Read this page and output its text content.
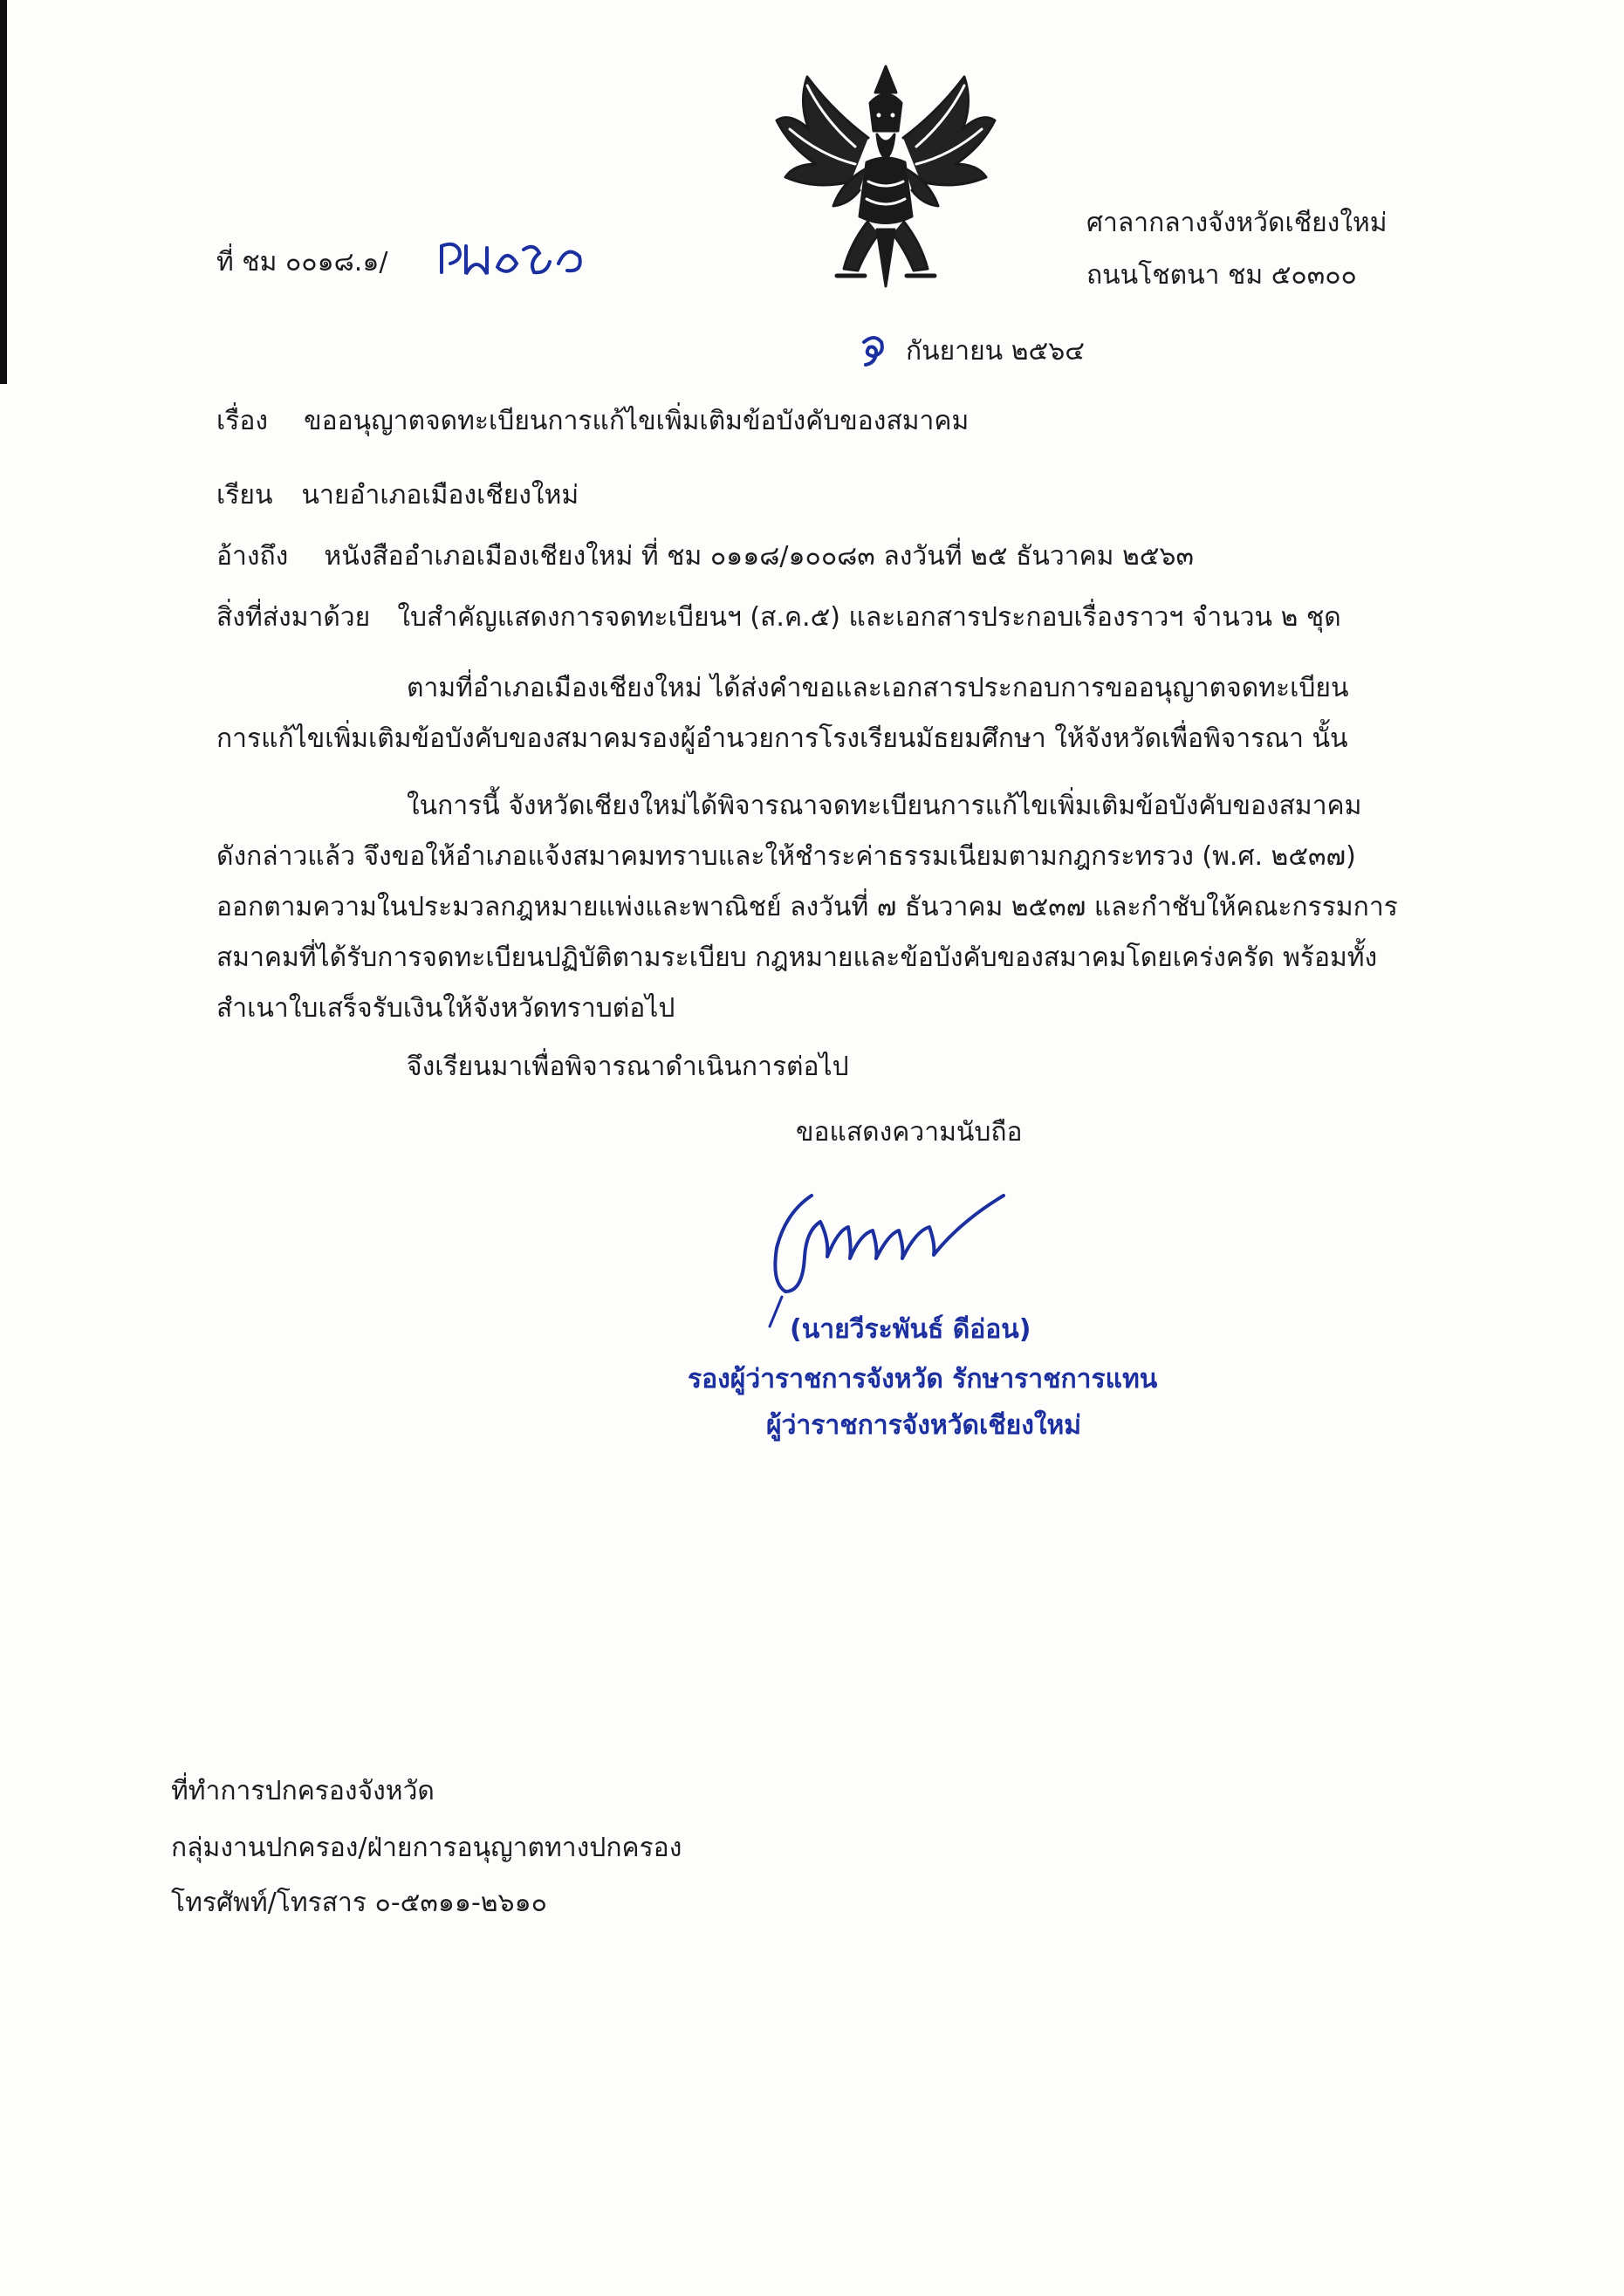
ที่ ชม ๐๐๑๘.๑/
ศาลากลางจังหวัดเชียงใหม่
ถนนโชตนา ชม ๕๐๓๐๐
กันยายน ๒๕๖๔
เรื่อง ขออนุญาตจดทะเบียนการแก้ไขเพิ่มเติมข้อบังคับของสมาคม
เรียน นายอำเภอเมืองเชียงใหม่
อ้างถึง หนังสืออำเภอเมืองเชียงใหม่ ที่ ชม ๐๑๑๘/๑๐๐๘๓ ลงวันที่ ๒๕ ธันวาคม ๒๕๖๓
สิ่งที่ส่งมาด้วย ใบสำคัญแสดงการจดทะเบียนฯ (ส.ค.๕) และเอกสารประกอบเรื่องราวฯ จำนวน ๒ ชุด
ตามที่อำเภอเมืองเชียงใหม่ ได้ส่งคำขอและเอกสารประกอบการขออนุญาตจดทะเบียน
การแก้ไขเพิ่มเติมข้อบังคับของสมาคมรองผู้อำนวยการโรงเรียนมัธยมศึกษา ให้จังหวัดเพื่อพิจารณา นั้น
ในการนี้ จังหวัดเชียงใหม่ได้พิจารณาจดทะเบียนการแก้ไขเพิ่มเติมข้อบังคับของสมาคม
ดังกล่าวแล้ว จึงขอให้อำเภอแจ้งสมาคมทราบและให้ชำระค่าธรรมเนียมตามกฎกระทรวง (พ.ศ. ๒๕๓๗)
ออกตามความในประมวลกฎหมายแพ่งและพาณิชย์ ลงวันที่ ๗ ธันวาคม ๒๕๓๗ และกำชับให้คณะกรรมการ
สมาคมที่ได้รับการจดทะเบียนปฏิบัติตามระเบียบ กฎหมายและข้อบังคับของสมาคมโดยเคร่งครัด พร้อมทั้ง
สำเนาใบเสร็จรับเงินให้จังหวัดทราบต่อไป
จึงเรียนมาเพื่อพิจารณาดำเนินการต่อไป
ขอแสดงความนับถือ
(นายวีระพันธ์ ดีอ่อน)
รองผู้ว่าราชการจังหวัด รักษาราชการแทน
ผู้ว่าราชการจังหวัดเชียงใหม่
ที่ทำการปกครองจังหวัด
กลุ่มงานปกครอง/ฝ่ายการอนุญาตทางปกครอง
โทรศัพท์/โทรสาร ๐-๕๓๑๑-๒๖๑๐
